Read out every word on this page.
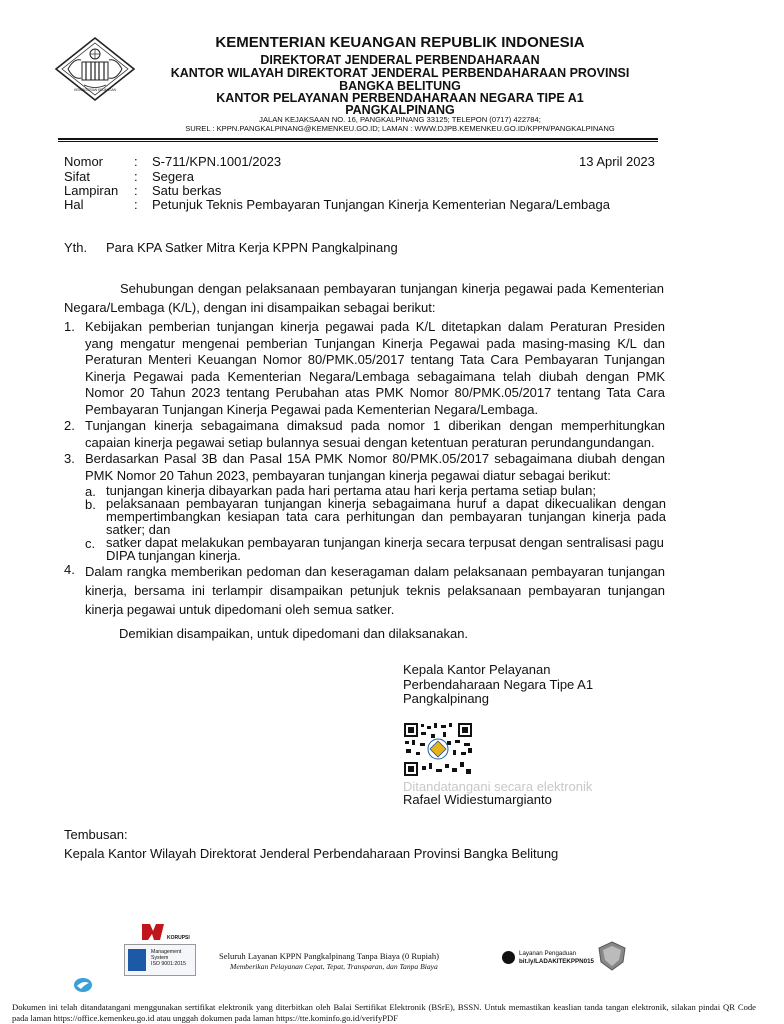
KEMENTERIAN KEUANGAN
KEMENTERIAN KEUANGAN REPUBLIK INDONESIA
DIREKTORAT JENDERAL PERBENDAHARAAN
KANTOR WILAYAH DIREKTORAT JENDERAL PERBENDAHARAAN PROVINSI
BANGKA BELITUNG
KANTOR PELAYANAN PERBENDAHARAAN NEGARA TIPE A1
PANGKALPINANG
JALAN KEJAKSAAN NO. 16, PANGKALPINANG 33125; TELEPON (0717) 422784;
SUREL : KPPN.PANGKALPINANG@KEMENKEU.GO.ID; LAMAN : WWW.DJPB.KEMENKEU.GO.ID/KPPN/PANGKALPINANG
Nomor : S-711/KPN.1001/2023	13 April 2023
Sifat	: Segera
Lampiran : Satu berkas
Hal	: Petunjuk Teknis Pembayaran Tunjangan Kinerja Kementerian Negara/Lembaga
Yth. Para KPA Satker Mitra Kerja KPPN Pangkalpinang
Sehubungan dengan pelaksanaan pembayaran tunjangan kinerja pegawai pada Kementerian Negara/Lembaga (K/L), dengan ini disampaikan sebagai berikut:
1. Kebijakan pemberian tunjangan kinerja pegawai pada K/L ditetapkan dalam Peraturan Presiden yang mengatur mengenai pemberian Tunjangan Kinerja Pegawai pada masing-masing K/L dan Peraturan Menteri Keuangan Nomor 80/PMK.05/2017 tentang Tata Cara Pembayaran Tunjangan Kinerja Pegawai pada Kementerian Negara/Lembaga sebagaimana telah diubah dengan PMK Nomor 20 Tahun 2023 tentang Perubahan atas PMK Nomor 80/PMK.05/2017 tentang Tata Cara Pembayaran Tunjangan Kinerja Pegawai pada Kementerian Negara/Lembaga.
2. Tunjangan kinerja sebagaimana dimaksud pada nomor 1 diberikan dengan memperhitungkan capaian kinerja pegawai setiap bulannya sesuai dengan ketentuan peraturan perundangundangan.
3. Berdasarkan Pasal 3B dan Pasal 15A PMK Nomor 80/PMK.05/2017 sebagaimana diubah dengan PMK Nomor 20 Tahun 2023, pembayaran tunjangan kinerja pegawai diatur sebagai berikut:
a. tunjangan kinerja dibayarkan pada hari pertama atau hari kerja pertama setiap bulan;
b. pelaksanaan pembayaran tunjangan kinerja sebagaimana huruf a dapat dikecualikan dengan mempertimbangkan kesiapan tata cara perhitungan dan pembayaran tunjangan kinerja pada satker; dan
c. satker dapat melakukan pembayaran tunjangan kinerja secara terpusat dengan sentralisasi pagu DIPA tunjangan kinerja.
4. Dalam rangka memberikan pedoman dan keseragaman dalam pelaksanaan pembayaran tunjangan kinerja, bersama ini terlampir disampaikan petunjuk teknis pelaksanaan pembayaran tunjangan kinerja pegawai untuk dipedomani oleh semua satker.
Demikian disampaikan, untuk dipedomani dan dilaksanakan.
Kepala Kantor Pelayanan
Perbendaharaan Negara Tipe A1
Pangkalpinang
Ditandatangani secara elektronik
Rafael Widiestumargianto
Tembusan:
Kepala Kantor Wilayah Direktorat Jenderal Perbendaharaan Provinsi Bangka Belitung
KORUPSI
Management
System
ISO 9001:2015
Seluruh Layanan KPPN Pangkalpinang Tanpa Biaya (0 Rupiah)
Memberikan Pelayanan Cepat, Tepat, Transparan, dan Tanpa Biaya
Layanan Pengaduan
bit.ly/LADAKITEKPPN015
Dokumen ini telah ditandatangani menggunakan sertifikat elektronik yang diterbitkan oleh Balai Sertifikat Elektronik (BSrE), BSSN. Untuk memastikan keaslian tanda tangan elektronik, silakan pindai QR Code pada laman https://office.kemenkeu.go.id atau unggah dokumen pada laman https://tte.kominfo.go.id/verifyPDF
